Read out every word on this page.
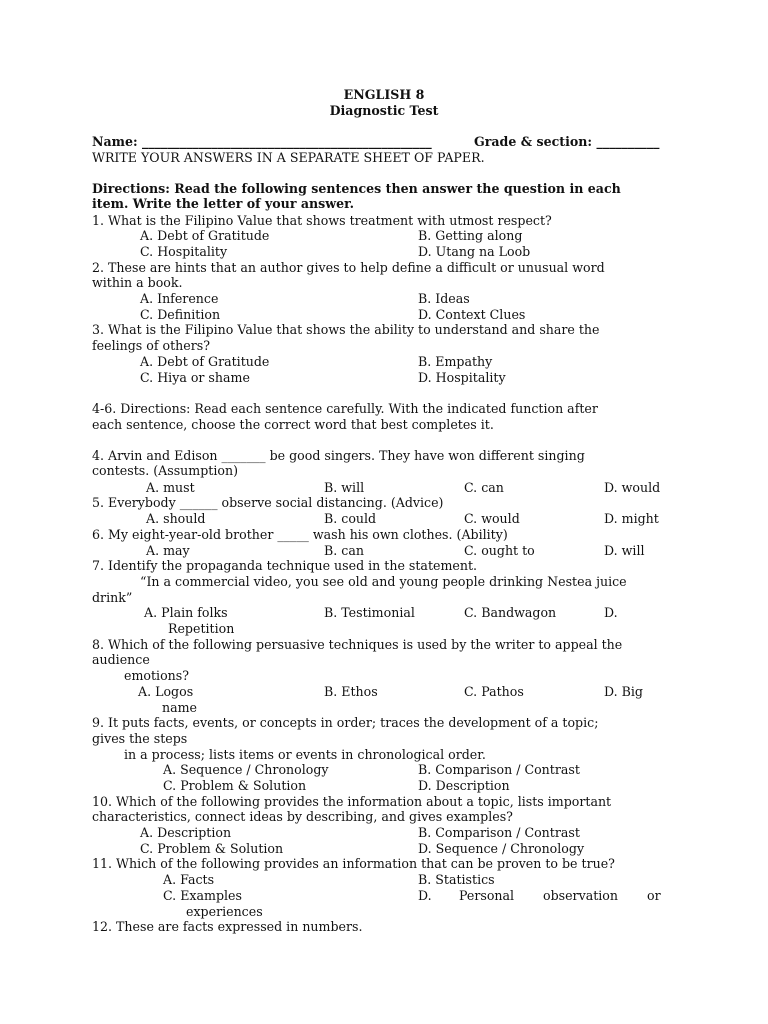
ENGLISH 8
Diagnostic Test
Name: ______________________________________________	Grade & section: __________
WRITE YOUR ANSWERS IN A SEPARATE SHEET OF PAPER.
Directions: Read the following sentences then answer the question in each
item. Write the letter of your answer.
1. What is the Filipino Value that shows treatment with utmost respect?
A. Debt of Gratitude	B. Getting along
C. Hospitality	D. Utang na Loob
2. These are hints that an author gives to help define a difficult or unusual word
within a book.
A. Inference	B. Ideas
C. Definition	D. Context Clues
3. What is the Filipino Value that shows the ability to understand and share the
feelings of others?
A. Debt of Gratitude	B. Empathy
C. Hiya or shame	D. Hospitality
4-6. Directions: Read each sentence carefully. With the indicated function after
each sentence, choose the correct word that best completes it.
4. Arvin and Edison _______ be good singers. They have won different singing
contests. (Assumption)
A. must	B. will	C. can	D. would
5. Everybody ______ observe social distancing. (Advice)
A. should	B. could	C. would	D. might
6. My eight-year-old brother _____ wash his own clothes. (Ability)
A. may	B. can	C. ought to	D. will
7. Identify the propaganda technique used in the statement.
“In a commercial video, you see old and young people drinking Nestea juice
drink”
A. Plain folks	B. Testimonial	C. Bandwagon	D.
Repetition
8. Which of the following persuasive techniques is used by the writer to appeal the
audience
emotions?
A. Logos	B. Ethos	C. Pathos	D. Big
name
9. It puts facts, events, or concepts in order; traces the development of a topic;
gives the steps
in a process; lists items or events in chronological order.
A. Sequence / Chronology	B. Comparison / Contrast
C. Problem & Solution	D. Description
10. Which of the following provides the information about a topic, lists important
characteristics, connect ideas by describing, and gives examples?
A. Description	B. Comparison / Contrast
C. Problem & Solution	D. Sequence / Chronology
11. Which of the following provides an information that can be proven to be true?
A. Facts	B. Statistics
C. Examples	D. Personal observation or
experiences
12. These are facts expressed in numbers.
